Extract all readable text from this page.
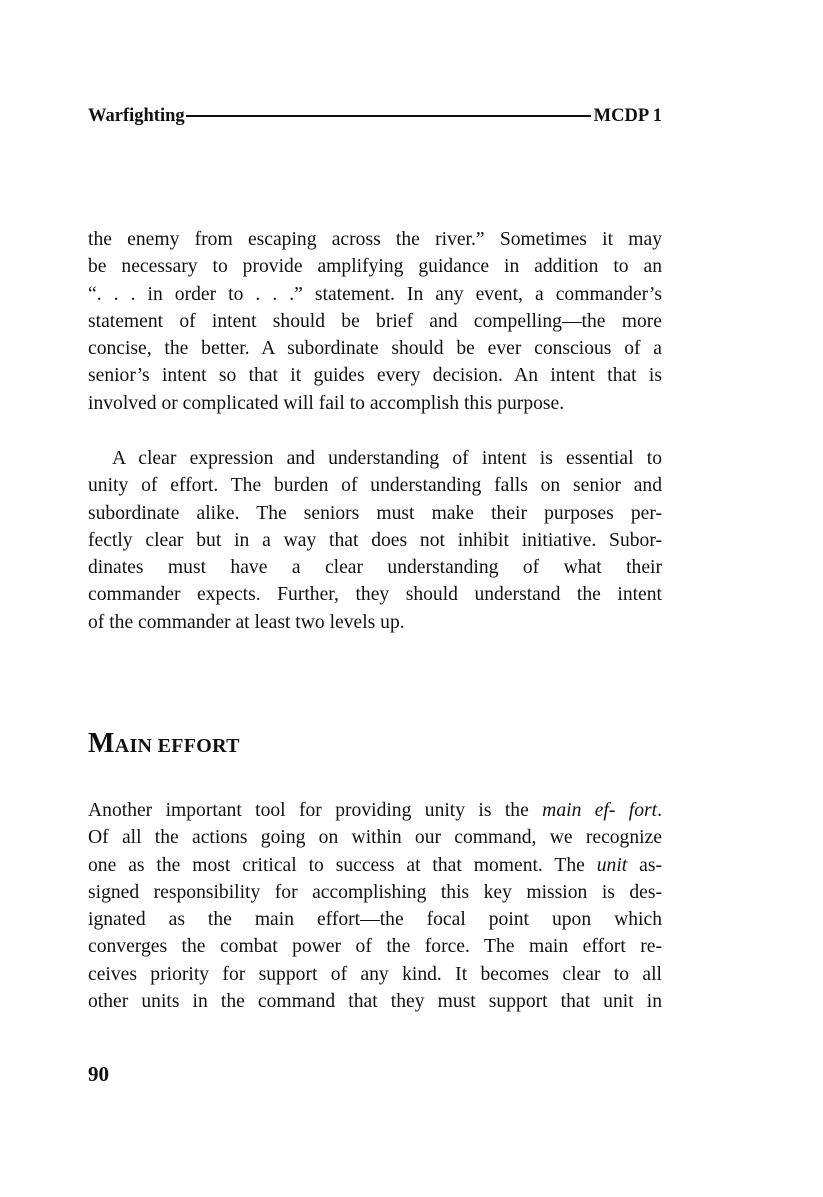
Warfighting	MCDP 1

the enemy from escaping across the river.” Sometimes it may
be necessary to provide amplifying guidance in addition to an
“. . . in order to . . .” statement. In any event, a commander’s
statement of intent should be brief and compelling—the more
concise, the better. A subordinate should be ever conscious of a
senior’s intent so that it guides every decision. An intent that is
involved or complicated will fail to accomplish this purpose.

A clear expression and understanding of intent is essential to
unity of effort. The burden of understanding falls on senior and
subordinate alike. The seniors must make their purposes per-
fectly clear but in a way that does not inhibit initiative. Subor-
dinates must have a clear understanding of what their
commander expects. Further, they should understand the intent
of the commander at least two levels up.

MAIN EFFORT

Another important tool for providing unity is the main ef- fort.
Of all the actions going on within our command, we recognize
one as the most critical to success at that moment. The unit as-
signed responsibility for accomplishing this key mission is des-
ignated as the main effort—the focal point upon which
converges the combat power of the force. The main effort re-
ceives priority for support of any kind. It becomes clear to all
other units in the command that they must support that unit in

90
